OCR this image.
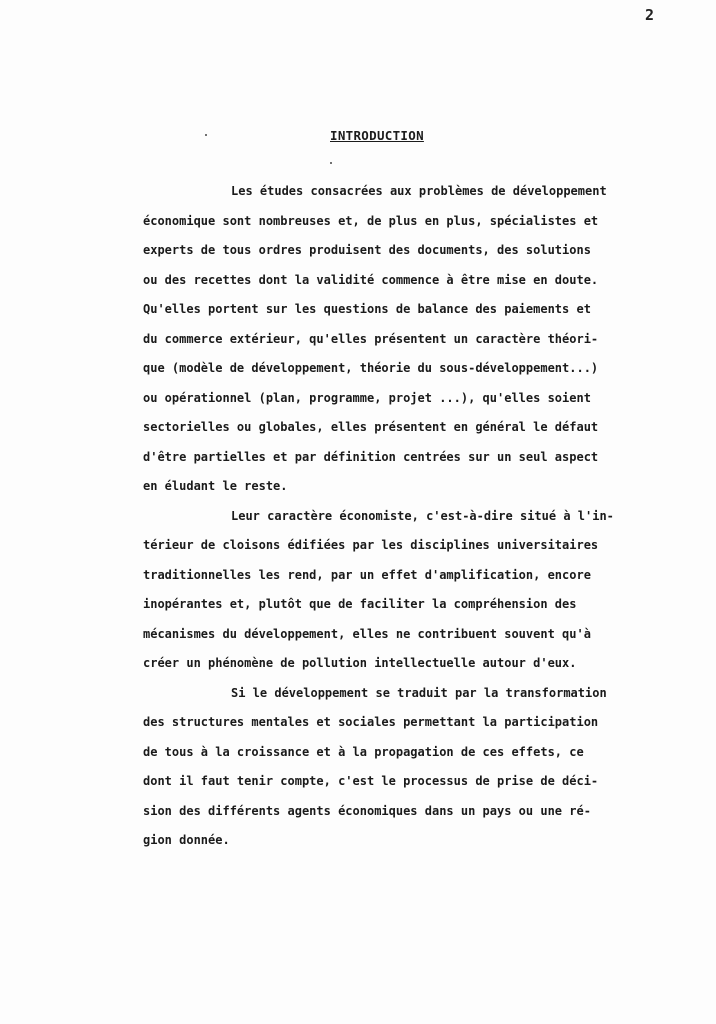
2
INTRODUCTION
Les études consacrées aux problèmes de développement
économique sont nombreuses et, de plus en plus, spécialistes et
experts de tous ordres produisent des documents, des solutions
ou des recettes dont la validité commence à être mise en doute.
Qu'elles portent sur les questions de balance des paiements et
du commerce extérieur, qu'elles présentent un caractère théori-
que (modèle de développement, théorie du sous-développement...)
ou opérationnel (plan, programme, projet ...), qu'elles soient
sectorielles ou globales, elles présentent en général le défaut
d'être partielles et par définition centrées sur un seul aspect
en éludant le reste.
Leur caractère économiste, c'est-à-dire situé à l'in-
térieur de cloisons édifiées par les disciplines universitaires
traditionnelles les rend, par un effet d'amplification, encore
inopérantes et, plutôt que de faciliter la compréhension des
mécanismes du développement, elles ne contribuent souvent qu'à
créer un phénomène de pollution intellectuelle autour d'eux.
Si le développement se traduit par la transformation
des structures mentales et sociales permettant la participation
de tous à la croissance et à la propagation de ces effets, ce
dont il faut tenir compte, c'est le processus de prise de déci-
sion des différents agents économiques dans un pays ou une ré-
gion donnée.
